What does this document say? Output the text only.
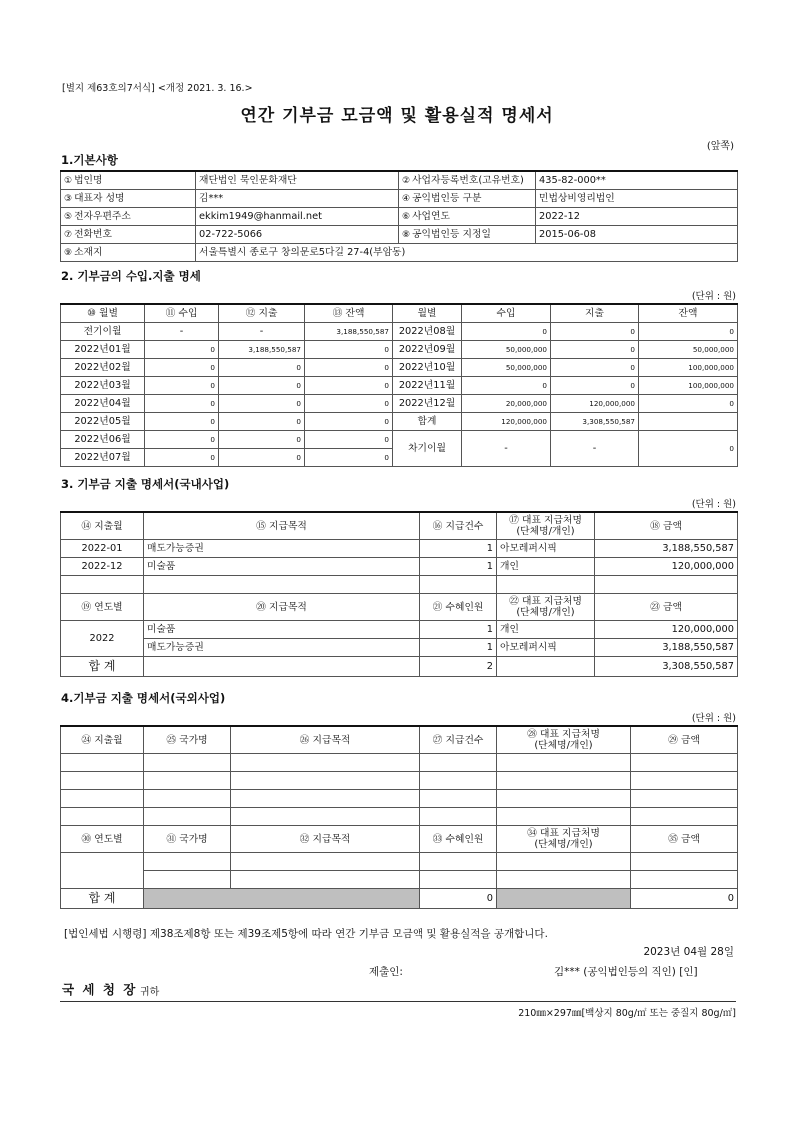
[별지 제63호의7서식] <개정 2021. 3. 16.>
연간 기부금 모금액 및 활용실적 명세서
(앞쪽)
1.기본사항
① 법인명	재단법인 묵인문화재단	② 사업자등록번호(고유번호)	435-82-000**
③ 대표자 성명	김***	④ 공익법인등 구분	민법상비영리법인
⑤ 전자우편주소	ekkim1949@hanmail.net	⑥ 사업연도	2022-12
⑦ 전화번호	02-722-5066	⑧ 공익법인등 지정일	2015-06-08
⑨ 소재지	서울특별시 종로구 창의문로5다길 27-4(부암동)		
2. 기부금의 수입.지출 명세
(단위 : 원)
⑩ 월별	⑪ 수입	⑫ 지출	⑬ 잔액	월별	수입	지출	잔액
전기이월	-	-	3,188,550,587	2022년08월	0	0	0
2022년01월	0	3,188,550,587	0	2022년09월	50,000,000	0	50,000,000
2022년02월	0	0	0	2022년10월	50,000,000	0	100,000,000
2022년03월	0	0	0	2022년11월	0	0	100,000,000
2022년04월	0	0	0	2022년12월	20,000,000	120,000,000	0
2022년05월	0	0	0	합계	120,000,000	3,308,550,587	
2022년06월	0	0	0	차기이월	-	-	0
2022년07월	0	0	0				
3. 기부금 지출 명세서(국내사업)
(단위 : 원)
⑭ 지출월	⑮ 지급목적	⑯ 지급건수	⑰ 대표 지급처명
(단체명/개인)	⑱ 금액
2022-01	매도가능증권	1	아모레퍼시픽	3,188,550,587
2022-12	미술품	1	개인	120,000,000

⑲ 연도별	⑳ 지급목적	㉑ 수혜인원	㉒ 대표 지급처명
(단체명/개인)	㉓ 금액
2022	미술품	1	개인	120,000,000
	매도가능증권	1	아모레퍼시픽	3,188,550,587
합 계		2		3,308,550,587
4.기부금 지출 명세서(국외사업)
(단위 : 원)
㉔ 지출월	㉕ 국가명	㉖ 지급목적	㉗ 지급건수	㉘ 대표 지급처명
(단체명/개인)	㉙ 금액

㉚ 연도별	㉛ 국가명	㉜ 지급목적	㉝ 수혜인원	㉞ 대표 지급처명
(단체명/개인)	㉟ 금액

합 계			0		0
[법인세법 시행령] 제38조제8항 또는 제39조제5항에 따라 연간 기부금 모금액 및 활용실적을 공개합니다.
2023년 04월 28일
제출인:	김*** (공익법인등의 직인) [인]
국 세 청 장 귀하
210㎜×297㎜[백상지 80g/㎡ 또는 중질지 80g/㎡]
